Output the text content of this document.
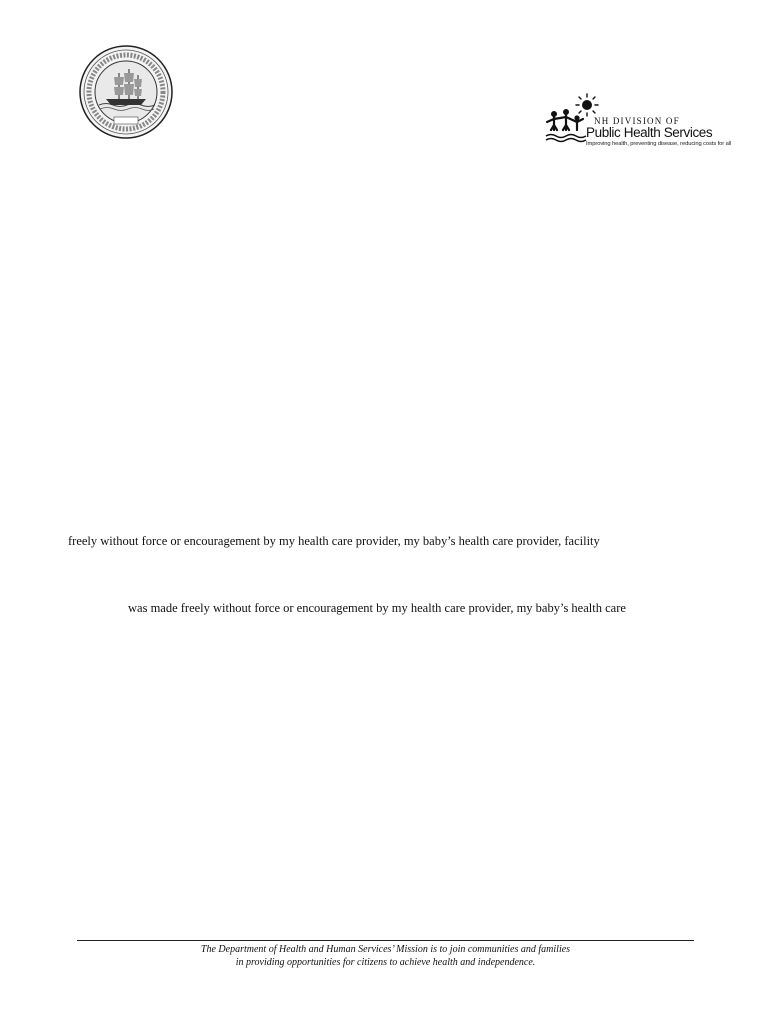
NH DIVISION OF
Public Health Services
Improving health, preventing disease, reducing costs for all
freely without force or encouragement by my health care provider, my baby’s health care provider, facility
was made freely without force or encouragement by my health care provider, my baby’s health care
The Department of Health and Human Services’ Mission is to join communities and families
in providing opportunities for citizens to achieve health and independence.
